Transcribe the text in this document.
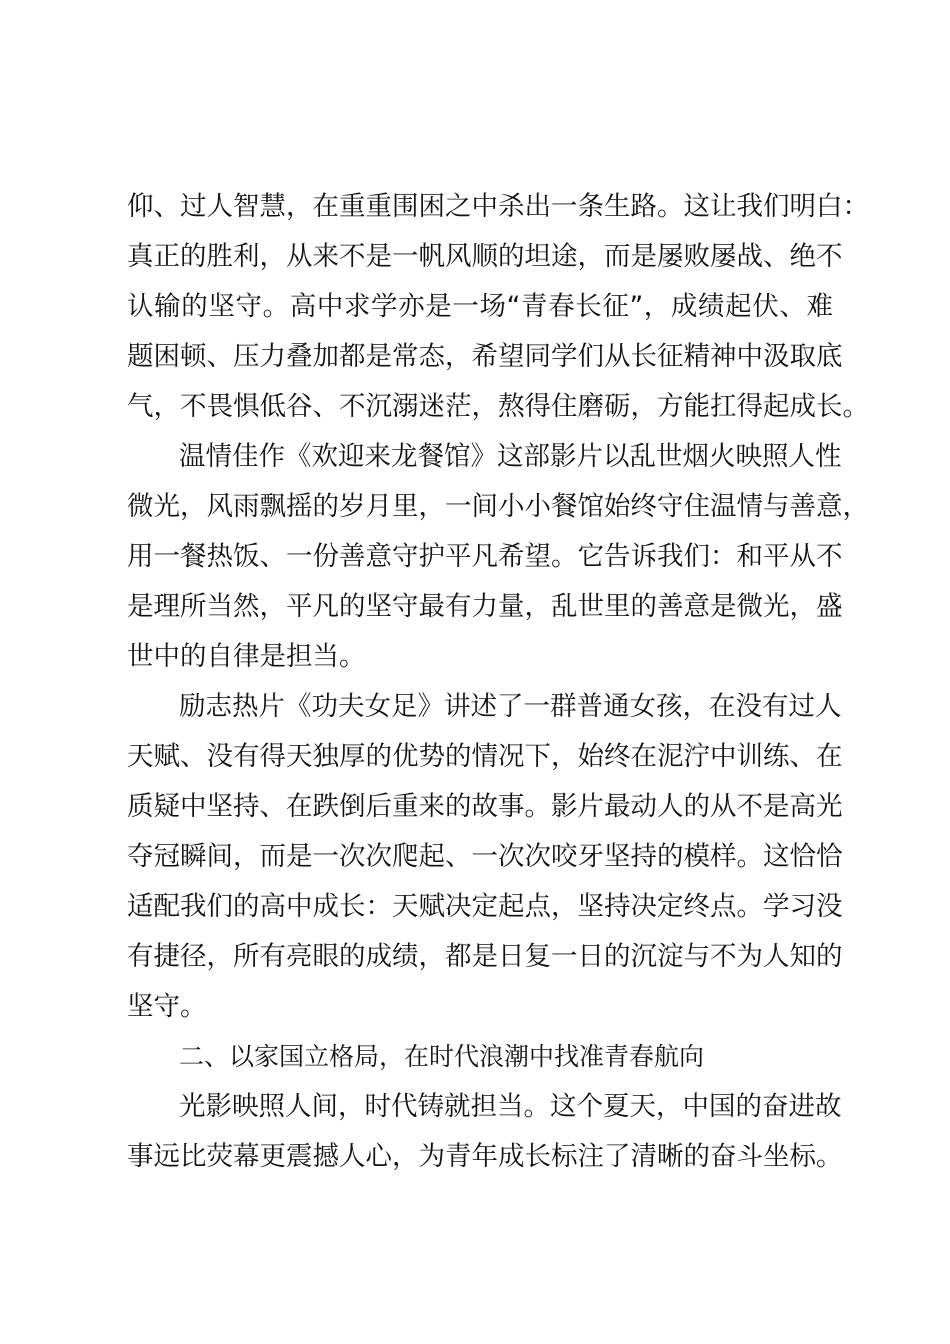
仰、过人智慧，在重重围困之中杀出一条生路。这让我们明白：
真正的胜利，从来不是一帆风顺的坦途，而是屡败屡战、绝不
认输的坚守。高中求学亦是一场“青春长征”，成绩起伏、难
题困顿、压力叠加都是常态，希望同学们从长征精神中汲取底
气，不畏惧低谷、不沉溺迷茫，熬得住磨砺，方能扛得起成长。
温情佳作《欢迎来龙餐馆》这部影片以乱世烟火映照人性
微光，风雨飘摇的岁月里，一间小小餐馆始终守住温情与善意，
用一餐热饭、一份善意守护平凡希望。它告诉我们：和平从不
是理所当然，平凡的坚守最有力量，乱世里的善意是微光，盛
世中的自律是担当。
励志热片《功夫女足》讲述了一群普通女孩，在没有过人
天赋、没有得天独厚的优势的情况下，始终在泥泞中训练、在
质疑中坚持、在跌倒后重来的故事。影片最动人的从不是高光
夺冠瞬间，而是一次次爬起、一次次咬牙坚持的模样。这恰恰
适配我们的高中成长：天赋决定起点，坚持决定终点。学习没
有捷径，所有亮眼的成绩，都是日复一日的沉淀与不为人知的
坚守。
二、以家国立格局，在时代浪潮中找准青春航向
光影映照人间，时代铸就担当。这个夏天，中国的奋进故
事远比荧幕更震撼人心，为青年成长标注了清晰的奋斗坐标。
